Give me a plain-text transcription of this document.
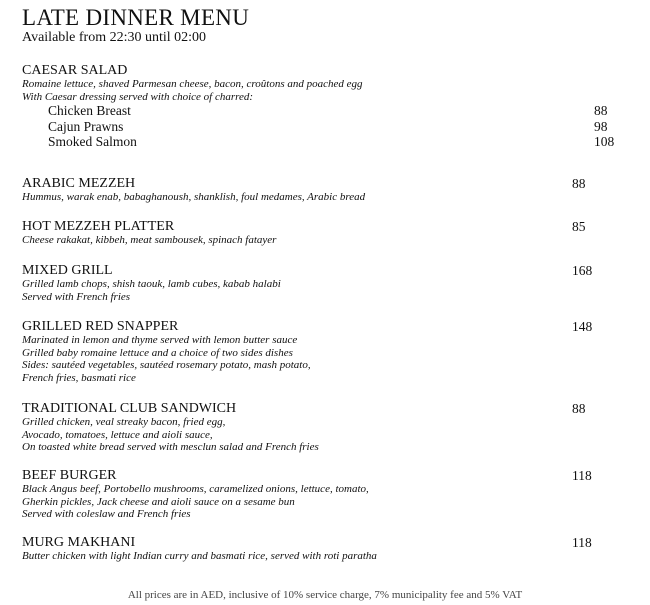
LATE DINNER MENU
Available from 22:30 until 02:00
CAESAR SALAD
Romaine lettuce, shaved Parmesan cheese, bacon, croûtons and poached egg
With Caesar dressing served with choice of charred:
Chicken Breast	88
Cajun Prawns	98
Smoked Salmon	108
ARABIC MEZZEH	88
Hummus, warak enab, babaghanoush, shanklish, foul medames, Arabic bread
HOT MEZZEH PLATTER	85
Cheese rakakat, kibbeh, meat sambousek, spinach fatayer
MIXED GRILL	168
Grilled lamb chops, shish taouk, lamb cubes, kabab halabi
Served with French fries
GRILLED RED SNAPPER	148
Marinated in lemon and thyme served with lemon butter sauce
Grilled baby romaine lettuce and a choice of two sides dishes
Sides: sautéed vegetables, sautéed rosemary potato, mash potato,
French fries, basmati rice
TRADITIONAL CLUB SANDWICH	88
Grilled chicken, veal streaky bacon, fried egg,
Avocado, tomatoes, lettuce and aioli sauce,
On toasted white bread served with mesclun salad and French fries
BEEF BURGER	118
Black Angus beef, Portobello mushrooms, caramelized onions, lettuce, tomato,
Gherkin pickles, Jack cheese and aioli sauce on a sesame bun
Served with coleslaw and French fries
MURG MAKHANI	118
Butter chicken with light Indian curry and basmati rice, served with roti paratha
All prices are in AED, inclusive of 10% service charge, 7% municipality fee and 5% VAT
